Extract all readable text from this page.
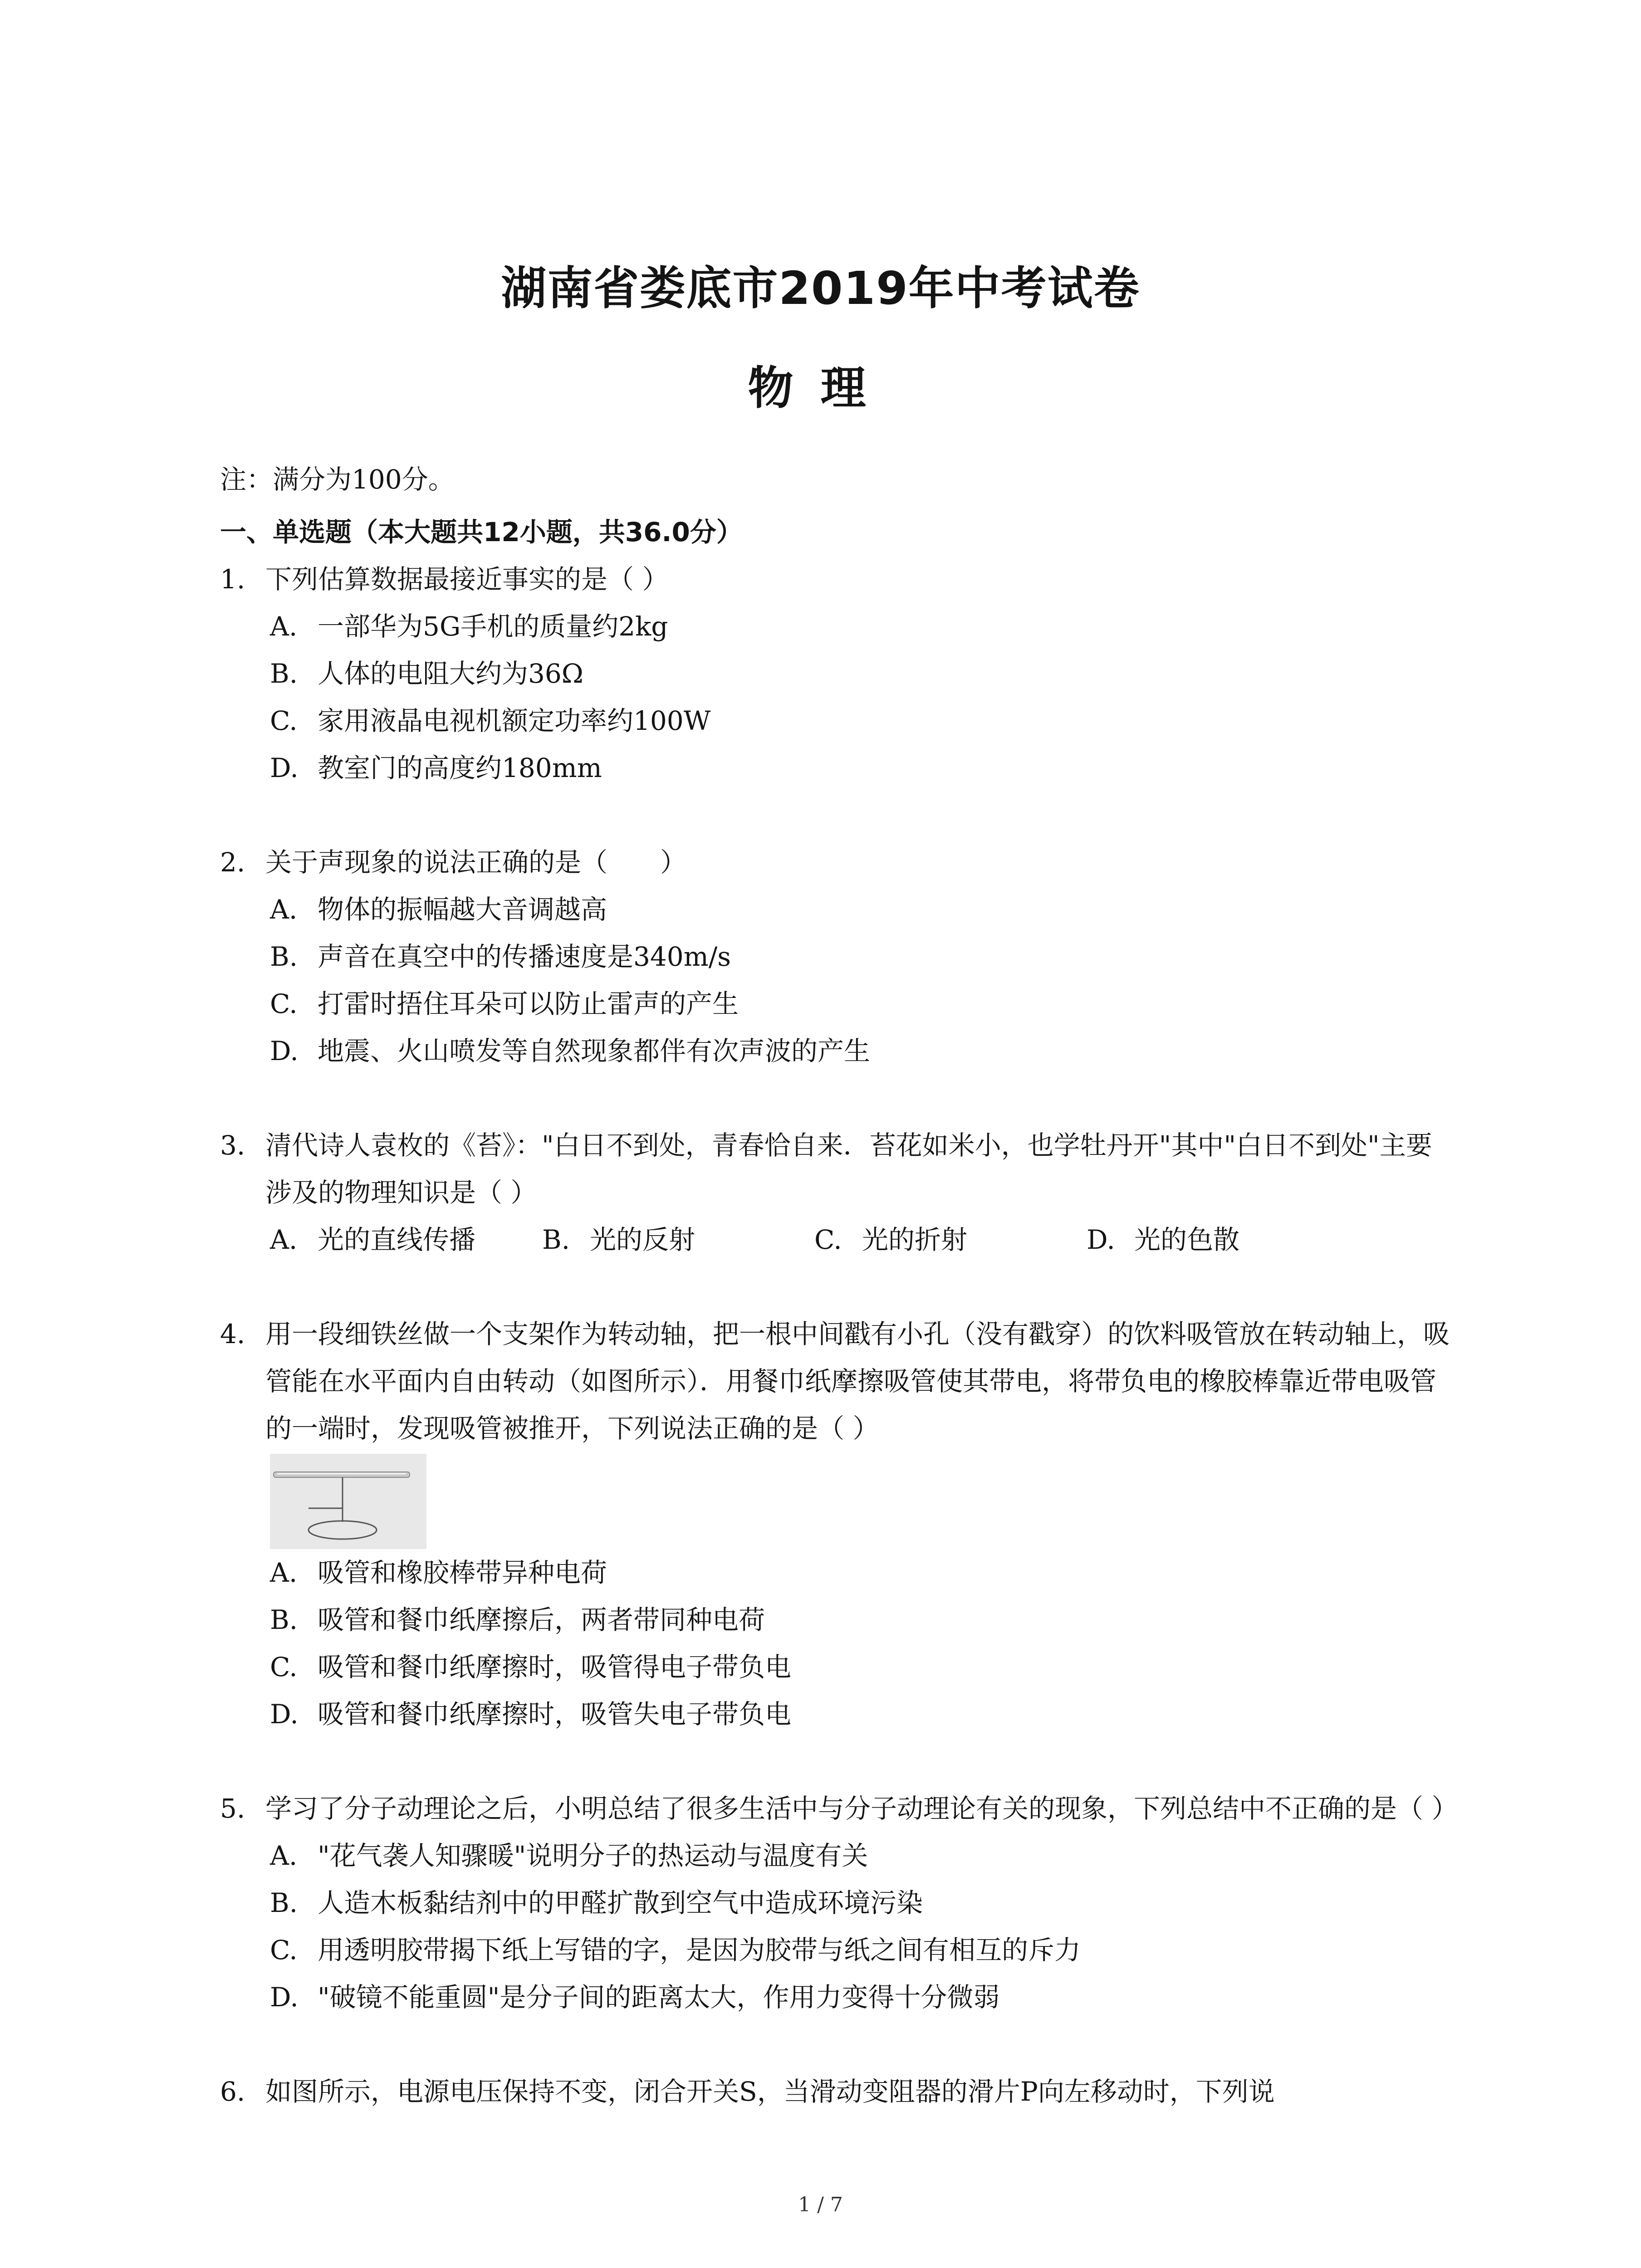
湖南省娄底市2019年中考试卷
物理
注：满分为100分。
一、单选题（本大题共12小题，共36.0分）
1. 下列估算数据最接近事实的是（ ）
A. 一部华为5G手机的质量约2kg
B. 人体的电阻大约为36Ω
C. 家用液晶电视机额定功率约100W
D. 教室门的高度约180mm
2. 关于声现象的说法正确的是（　　）
A. 物体的振幅越大音调越高
B. 声音在真空中的传播速度是340m/s
C. 打雷时捂住耳朵可以防止雷声的产生
D. 地震、火山喷发等自然现象都伴有次声波的产生
3. 清代诗人袁枚的《苔》："白日不到处，青春恰自来．苔花如米小，也学牡丹开"其中"白日不到处"主要涉及的物理知识是（ ）
A. 光的直线传播	B. 光的反射	C. 光的折射	D. 光的色散
4. 用一段细铁丝做一个支架作为转动轴，把一根中间戳有小孔（没有戳穿）的饮料吸管放在转动轴上，吸管能在水平面内自由转动（如图所示）．用餐巾纸摩擦吸管使其带电，将带负电的橡胶棒靠近带电吸管的一端时，发现吸管被推开，下列说法正确的是（ ）
A. 吸管和橡胶棒带异种电荷
B. 吸管和餐巾纸摩擦后，两者带同种电荷
C. 吸管和餐巾纸摩擦时，吸管得电子带负电
D. 吸管和餐巾纸摩擦时，吸管失电子带负电
5. 学习了分子动理论之后，小明总结了很多生活中与分子动理论有关的现象，下列总结中不正确的是（ ）
A. "花气袭人知骤暖"说明分子的热运动与温度有关
B. 人造木板黏结剂中的甲醛扩散到空气中造成环境污染
C. 用透明胶带揭下纸上写错的字，是因为胶带与纸之间有相互的斥力
D. "破镜不能重圆"是分子间的距离太大，作用力变得十分微弱
6. 如图所示，电源电压保持不变，闭合开关S，当滑动变阻器的滑片P向左移动时，下列说
1 / 7
